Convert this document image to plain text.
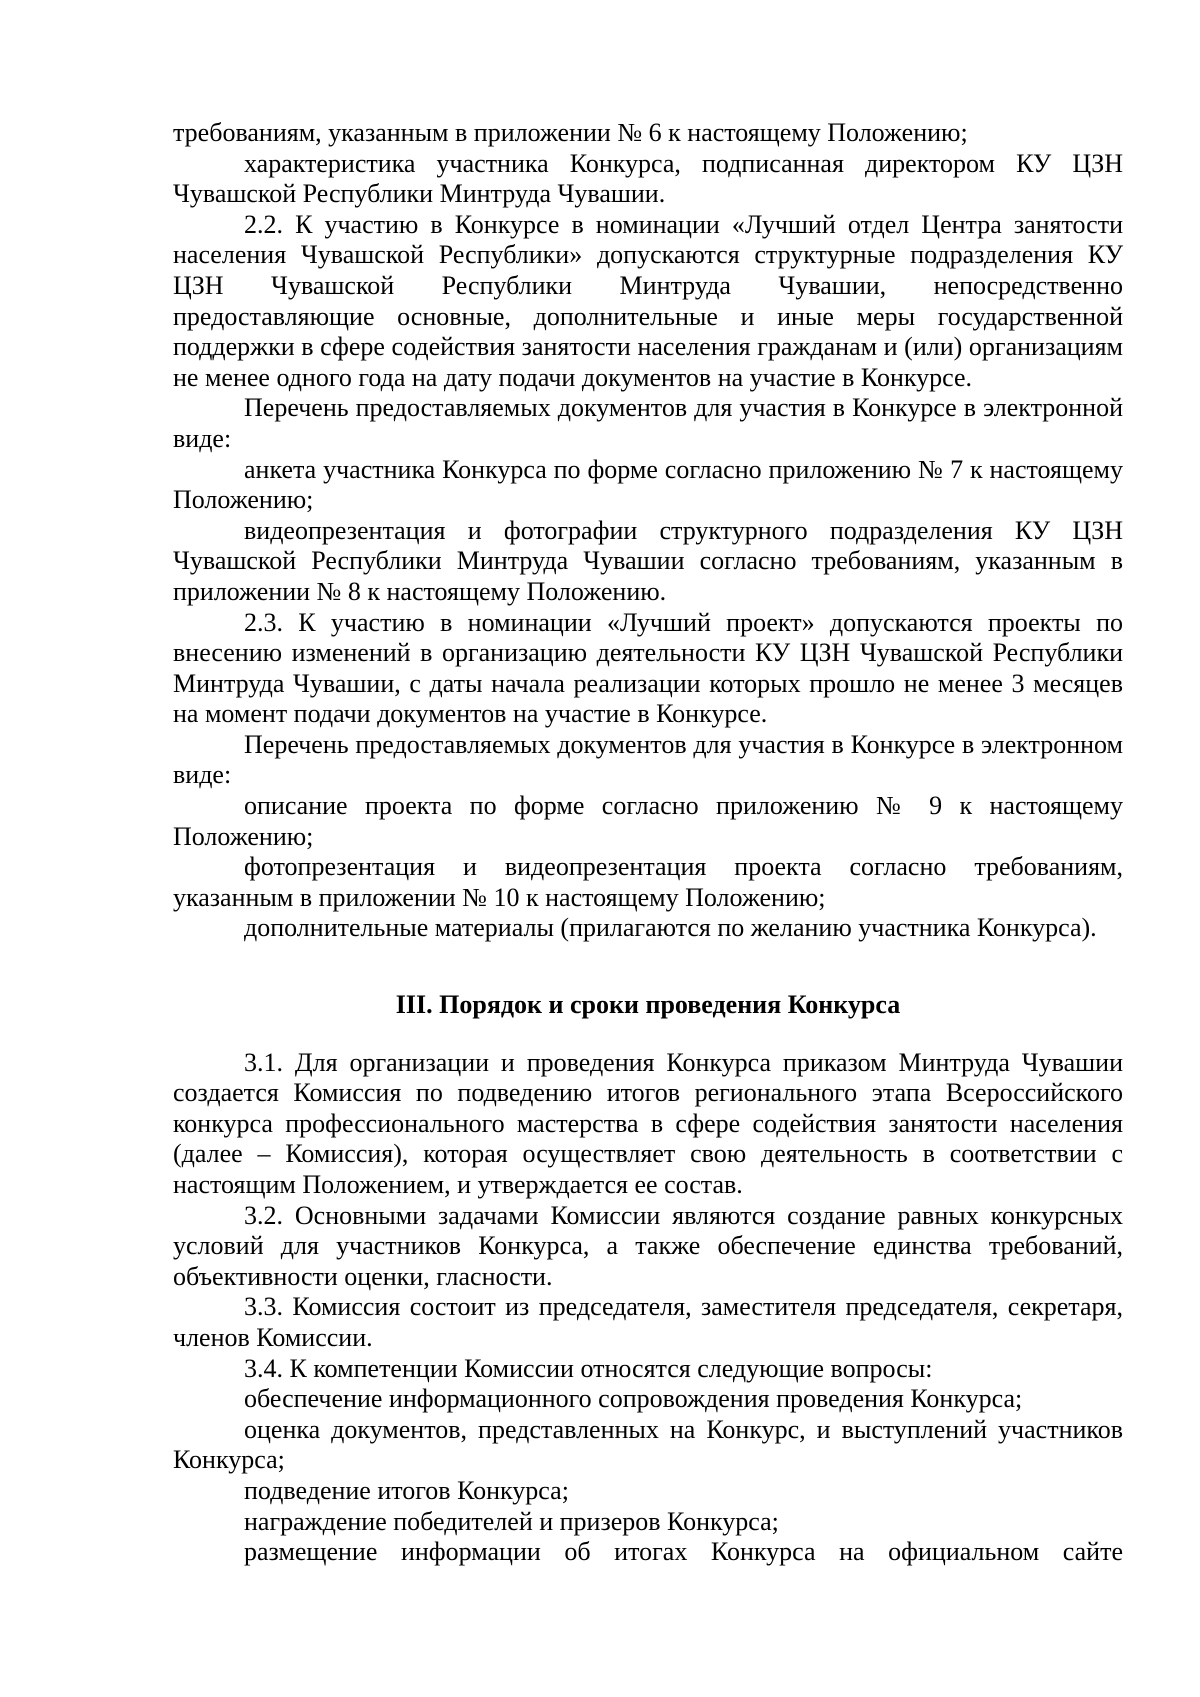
требованиям, указанным в приложении № 6 к настоящему Положению;

характеристика участника Конкурса, подписанная директором КУ ЦЗН Чувашской Республики Минтруда Чувашии.

2.2. К участию в Конкурсе в номинации «Лучший отдел Центра занятости населения Чувашской Республики» допускаются структурные подразделения КУ ЦЗН Чувашской Республики Минтруда Чувашии, непосредственно предоставляющие основные, дополнительные и иные меры государственной поддержки в сфере содействия занятости населения гражданам и (или) организациям не менее одного года на дату подачи документов на участие в Конкурсе.

Перечень предоставляемых документов для участия в Конкурсе в электронной виде:

анкета участника Конкурса по форме согласно приложению № 7 к настоящему Положению;

видеопрезентация и фотографии структурного подразделения КУ ЦЗН Чувашской Республики Минтруда Чувашии согласно требованиям, указанным в приложении № 8 к настоящему Положению.

2.3. К участию в номинации «Лучший проект» допускаются проекты по внесению изменений в организацию деятельности КУ ЦЗН Чувашской Республики Минтруда Чувашии, с даты начала реализации которых прошло не менее 3 месяцев на момент подачи документов на участие в Конкурсе.

Перечень предоставляемых документов для участия в Конкурсе в электронном виде:

описание проекта по форме согласно приложению № 9 к настоящему Положению;

фотопрезентация и видеопрезентация проекта согласно требованиям, указанным в приложении № 10 к настоящему Положению;

дополнительные материалы (прилагаются по желанию участника Конкурса).

III. Порядок и сроки проведения Конкурса

3.1. Для организации и проведения Конкурса приказом Минтруда Чувашии создается Комиссия по подведению итогов регионального этапа Всероссийского конкурса профессионального мастерства в сфере содействия занятости населения (далее – Комиссия), которая осуществляет свою деятельность в соответствии с настоящим Положением, и утверждается ее состав.

3.2. Основными задачами Комиссии являются создание равных конкурсных условий для участников Конкурса, а также обеспечение единства требований, объективности оценки, гласности.

3.3. Комиссия состоит из председателя, заместителя председателя, секретаря, членов Комиссии.

3.4. К компетенции Комиссии относятся следующие вопросы:

обеспечение информационного сопровождения проведения Конкурса;

оценка документов, представленных на Конкурс, и выступлений участников Конкурса;

подведение итогов Конкурса;

награждение победителей и призеров Конкурса;

размещение информации об итогах Конкурса на официальном сайте
